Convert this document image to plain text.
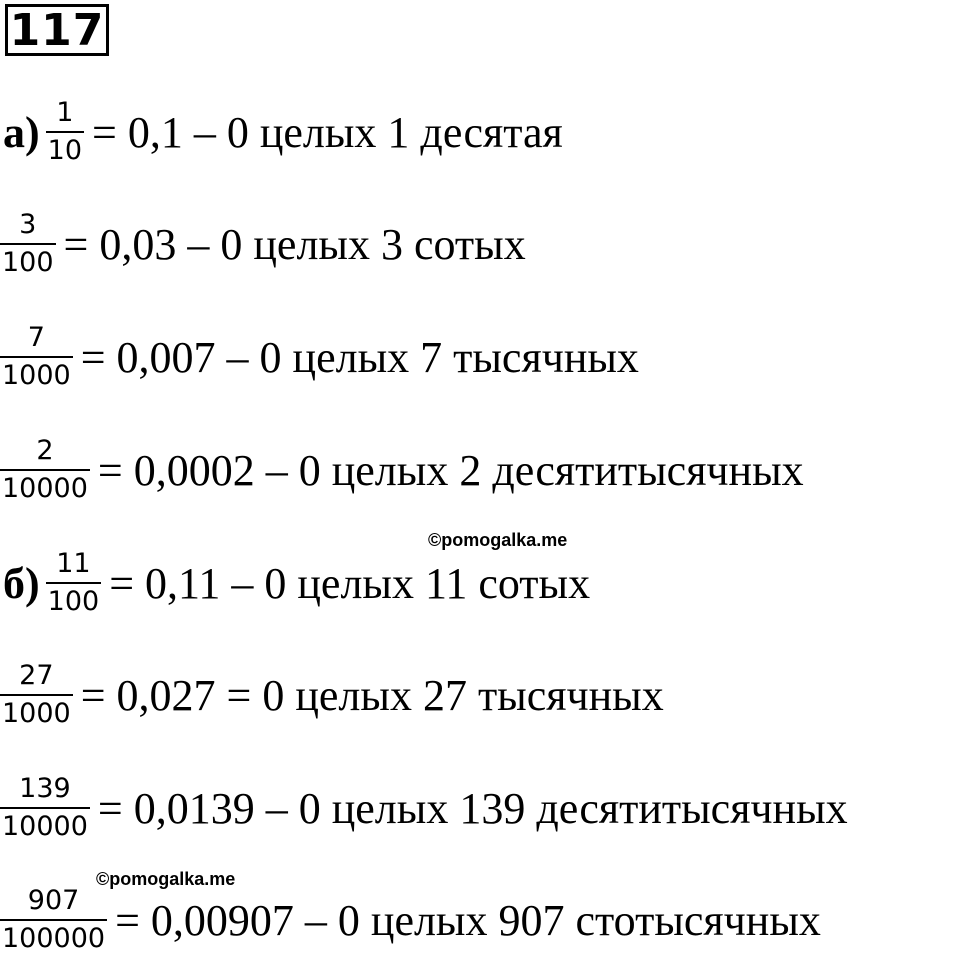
117
$а) \frac{1}{10} = 0,1 - 0$ целых 1 десятая
$\frac{3}{100} = 0,03 - 0$ целых 3 сотых
$\frac{7}{1000} = 0,007 - 0$ целых 7 тысячных
$\frac{2}{10000} = 0,0002 - 0$ целых 2 десятитысячных
©pomogalka.me
$б) \frac{11}{100} = 0,11 - 0$ целых 11 сотых
$\frac{27}{1000} = 0,027 = 0$ целых 27 тысячных
$\frac{139}{10000} = 0,0139 - 0$ целых 139 десятитысячных
©pomogalka.me
$\frac{907}{100000} = 0,00907 - 0$ целых 907 стотысячных
